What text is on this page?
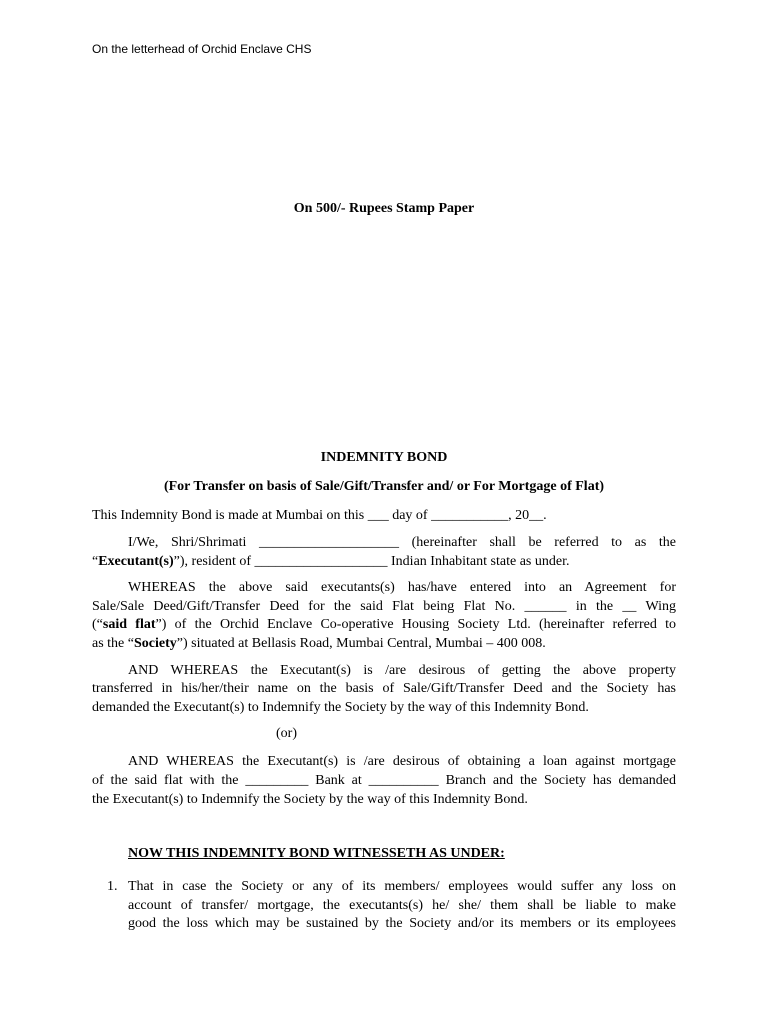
On the letterhead of Orchid Enclave CHS
On 500/- Rupees Stamp Paper
INDEMNITY BOND
(For Transfer on basis of Sale/Gift/Transfer and/ or For Mortgage of Flat)
This Indemnity Bond is made at Mumbai on this ___ day of ___________, 20__.
I/We, Shri/Shrimati ____________________ (hereinafter shall be referred to as the
“Executant(s)”), resident of ___________________ Indian Inhabitant state as under.
WHEREAS the above said executants(s) has/have entered into an Agreement for
Sale/Sale Deed/Gift/Transfer Deed for the said Flat being Flat No. ______ in the __ Wing
(“said flat”) of the Orchid Enclave Co-operative Housing Society Ltd. (hereinafter referred to
as the “Society”) situated at Bellasis Road, Mumbai Central, Mumbai – 400 008.
AND WHEREAS the Executant(s) is /are desirous of getting the above property
transferred in his/her/their name on the basis of Sale/Gift/Transfer Deed and the Society has
demanded the Executant(s) to Indemnify the Society by the way of this Indemnity Bond.
(or)
AND WHEREAS the Executant(s) is /are desirous of obtaining a loan against mortgage
of the said flat with the _________ Bank at __________ Branch and the Society has demanded
the Executant(s) to Indemnify the Society by the way of this Indemnity Bond.
NOW THIS INDEMNITY BOND WITNESSETH AS UNDER:
1. That in case the Society or any of its members/ employees would suffer any loss on
account of transfer/ mortgage, the executants(s) he/ she/ them shall be liable to make
good the loss which may be sustained by the Society and/or its members or its employees
